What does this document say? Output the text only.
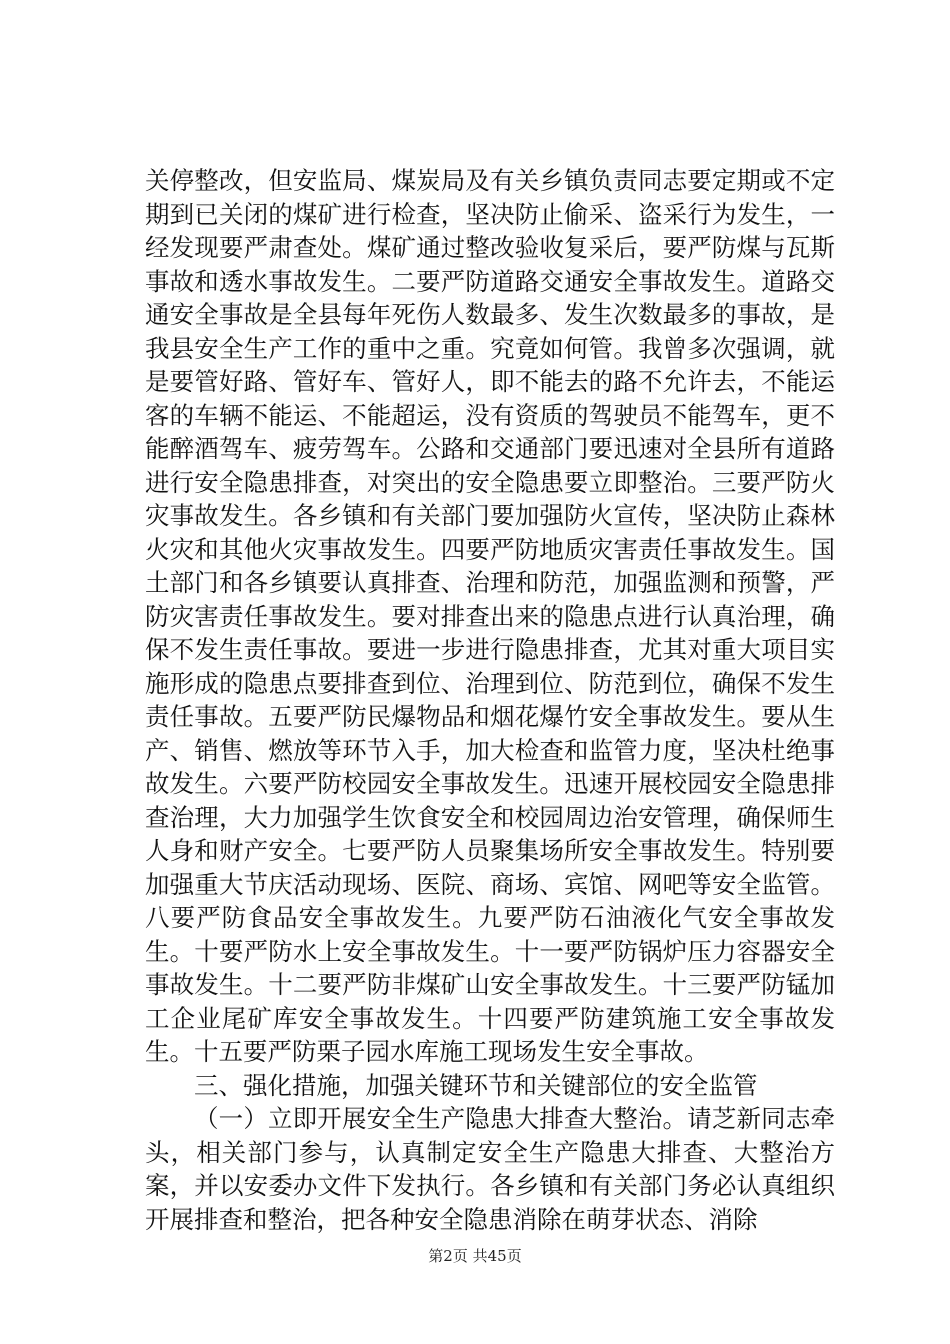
关停整改，但安监局、煤炭局及有关乡镇负责同志要定期或不定期到已关闭的煤矿进行检查，坚决防止偷采、盗采行为发生，一经发现要严肃查处。煤矿通过整改验收复采后，要严防煤与瓦斯事故和透水事故发生。二要严防道路交通安全事故发生。道路交通安全事故是全县每年死伤人数最多、发生次数最多的事故，是我县安全生产工作的重中之重。究竟如何管。我曾多次强调，就是要管好路、管好车、管好人，即不能去的路不允许去，不能运客的车辆不能运、不能超运，没有资质的驾驶员不能驾车，更不能醉酒驾车、疲劳驾车。公路和交通部门要迅速对全县所有道路进行安全隐患排查，对突出的安全隐患要立即整治。三要严防火灾事故发生。各乡镇和有关部门要加强防火宣传，坚决防止森林火灾和其他火灾事故发生。四要严防地质灾害责任事故发生。国土部门和各乡镇要认真排查、治理和防范，加强监测和预警，严防灾害责任事故发生。要对排查出来的隐患点进行认真治理，确保不发生责任事故。要进一步进行隐患排查，尤其对重大项目实施形成的隐患点要排查到位、治理到位、防范到位，确保不发生责任事故。五要严防民爆物品和烟花爆竹安全事故发生。要从生产、销售、燃放等环节入手，加大检查和监管力度，坚决杜绝事故发生。六要严防校园安全事故发生。迅速开展校园安全隐患排查治理，大力加强学生饮食安全和校园周边治安管理，确保师生人身和财产安全。七要严防人员聚集场所安全事故发生。特别要加强重大节庆活动现场、医院、商场、宾馆、网吧等安全监管。八要严防食品安全事故发生。九要严防石油液化气安全事故发生。十要严防水上安全事故发生。十一要严防锅炉压力容器安全事故发生。十二要严防非煤矿山安全事故发生。十三要严防锰加工企业尾矿库安全事故发生。十四要严防建筑施工安全事故发生。十五要严防栗子园水库施工现场发生安全事故。

三、强化措施，加强关键环节和关键部位的安全监管

（一）立即开展安全生产隐患大排查大整治。请芝新同志牵头，相关部门参与，认真制定安全生产隐患大排查、大整治方案，并以安委办文件下发执行。各乡镇和有关部门务必认真组织开展排查和整治，把各种安全隐患消除在萌芽状态、消除

第2页 共45页
